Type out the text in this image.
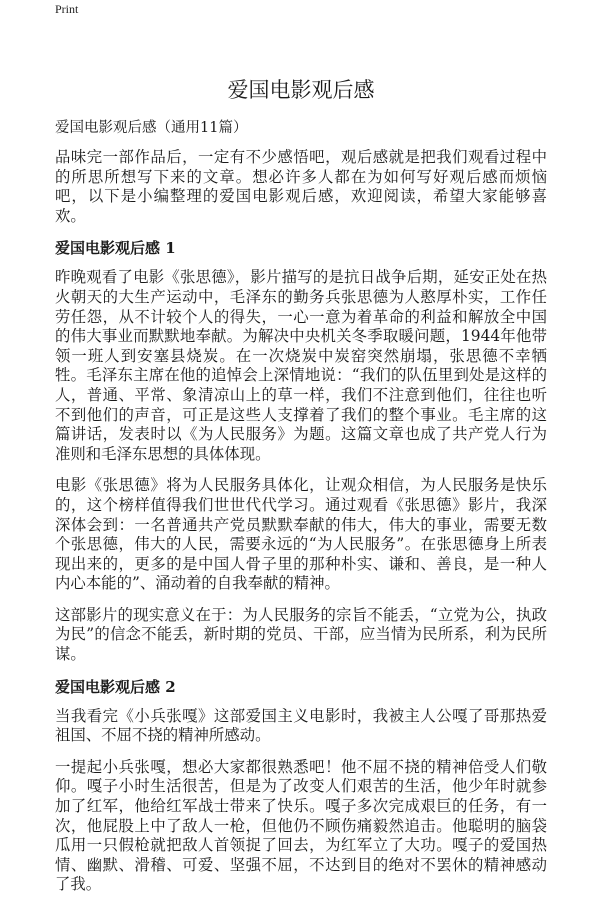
Print
爱国电影观后感
爱国电影观后感（通用11篇）

品味完一部作品后，一定有不少感悟吧，观后感就是把我们观看过程中的所思所想写下来的文章。想必许多人都在为如何写好观后感而烦恼吧，以下是小编整理的爱国电影观后感，欢迎阅读，希望大家能够喜欢。

爱国电影观后感 1

昨晚观看了电影《张思德》，影片描写的是抗日战争后期，延安正处在热火朝天的大生产运动中，毛泽东的勤务兵张思德为人憨厚朴实，工作任劳任怨，从不计较个人的得失，一心一意为着革命的利益和解放全中国的伟大事业而默默地奉献。为解决中央机关冬季取暖问题，1944年他带领一班人到安塞县烧炭。在一次烧炭中炭窑突然崩塌，张思德不幸牺牲。毛泽东主席在他的追悼会上深情地说：“我们的队伍里到处是这样的人，普通、平常、象清凉山上的草一样，我们不注意到他们，往往也听不到他们的声音，可正是这些人支撑着了我们的整个事业。毛主席的这篇讲话，发表时以《为人民服务》为题。这篇文章也成了共产党人行为准则和毛泽东思想的具体体现。

电影《张思德》将为人民服务具体化，让观众相信，为人民服务是快乐的，这个榜样值得我们世世代代学习。通过观看《张思德》影片，我深深体会到：一名普通共产党员默默奉献的伟大，伟大的事业，需要无数个张思德，伟大的人民，需要永远的“为人民服务”。在张思德身上所表现出来的，更多的是中国人骨子里的那种朴实、谦和、善良，是一种人内心本能的”、涌动着的自我奉献的精神。

这部影片的现实意义在于：为人民服务的宗旨不能丢，“立党为公，执政为民”的信念不能丢，新时期的党员、干部，应当情为民所系，利为民所谋。

爱国电影观后感 2

当我看完《小兵张嘎》这部爱国主义电影时，我被主人公嘎了哥那热爱祖国、不屈不挠的精神所感动。

一提起小兵张嘎，想必大家都很熟悉吧！他不屈不挠的精神倍受人们敬仰。嘎子小时生活很苦，但是为了改变人们艰苦的生活，他少年时就参加了红军，他给红军战士带来了快乐。嘎子多次完成艰巨的任务，有一次，他屁股上中了敌人一枪，但他仍不顾伤痛毅然追击。他聪明的脑袋瓜用一只假枪就把敌人首领捉了回去，为红军立了大功。嘎子的爱国热情、幽默、滑稽、可爱、坚强不屈，不达到目的绝对不罢休的精神感动了我。
